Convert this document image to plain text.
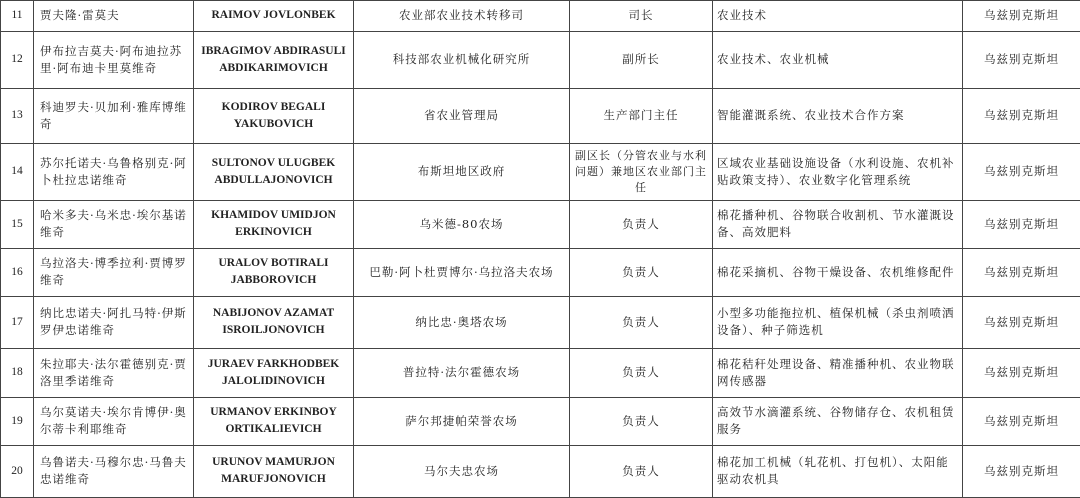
11	贾夫隆·雷莫夫	RAIMOV JOVLONBEK	农业部农业技术转移司	司长	农业技术	乌兹别克斯坦
12	伊布拉吉莫夫·阿布迪拉苏里·阿布迪卡里莫维奇	IBRAGIMOV ABDIRASULI ABDIKARIMOVICH	科技部农业机械化研究所	副所长	农业技术、农业机械	乌兹别克斯坦
13	科迪罗夫·贝加利·雅库博维奇	KODIROV BEGALI YAKUBOVICH	省农业管理局	生产部门主任	智能灌溉系统、农业技术合作方案	乌兹别克斯坦
14	苏尔托诺夫·乌鲁格别克·阿卜杜拉忠诺维奇	SULTONOV ULUGBEK ABDULLAJONOVICH	布斯坦地区政府	副区长（分管农业与水利问题）兼地区农业部门主任	区域农业基础设施设备（水利设施、农机补贴政策支持）、农业数字化管理系统	乌兹别克斯坦
15	哈米多夫·乌米忠·埃尔基诺维奇	KHAMIDOV UMIDJON ERKINOVICH	乌米德-80农场	负责人	棉花播种机、谷物联合收割机、节水灌溉设备、高效肥料	乌兹别克斯坦
16	乌拉洛夫·博季拉利·贾博罗维奇	URALOV BOTIRALI JABBOROVICH	巴勒·阿卜杜贾博尔·乌拉洛夫农场	负责人	棉花采摘机、谷物干燥设备、农机维修配件	乌兹别克斯坦
17	纳比忠诺夫·阿扎马特·伊斯罗伊忠诺维奇	NABIJONOV AZAMAT ISROILJONOVICH	纳比忠·奥塔农场	负责人	小型多功能拖拉机、植保机械（杀虫剂喷洒设备）、种子筛选机	乌兹别克斯坦
18	朱拉耶夫·法尔霍德别克·贾洛里季诺维奇	JURAEV FARKHODBEK JALOLIDINOVICH	普拉特·法尔霍德农场	负责人	棉花秸秆处理设备、精准播种机、农业物联网传感器	乌兹别克斯坦
19	乌尔莫诺夫·埃尔肯博伊·奥尔蒂卡利耶维奇	URMANOV ERKINBOY ORTIKALIEVICH	萨尔邦捷帕荣誉农场	负责人	高效节水滴灌系统、谷物储存仓、农机租赁服务	乌兹别克斯坦
20	乌鲁诺夫·马穆尔忠·马鲁夫忠诺维奇	URUNOV MAMURJON MARUFJONOVICH	马尔夫忠农场	负责人	棉花加工机械（轧花机、打包机）、太阳能驱动农机具	乌兹别克斯坦
